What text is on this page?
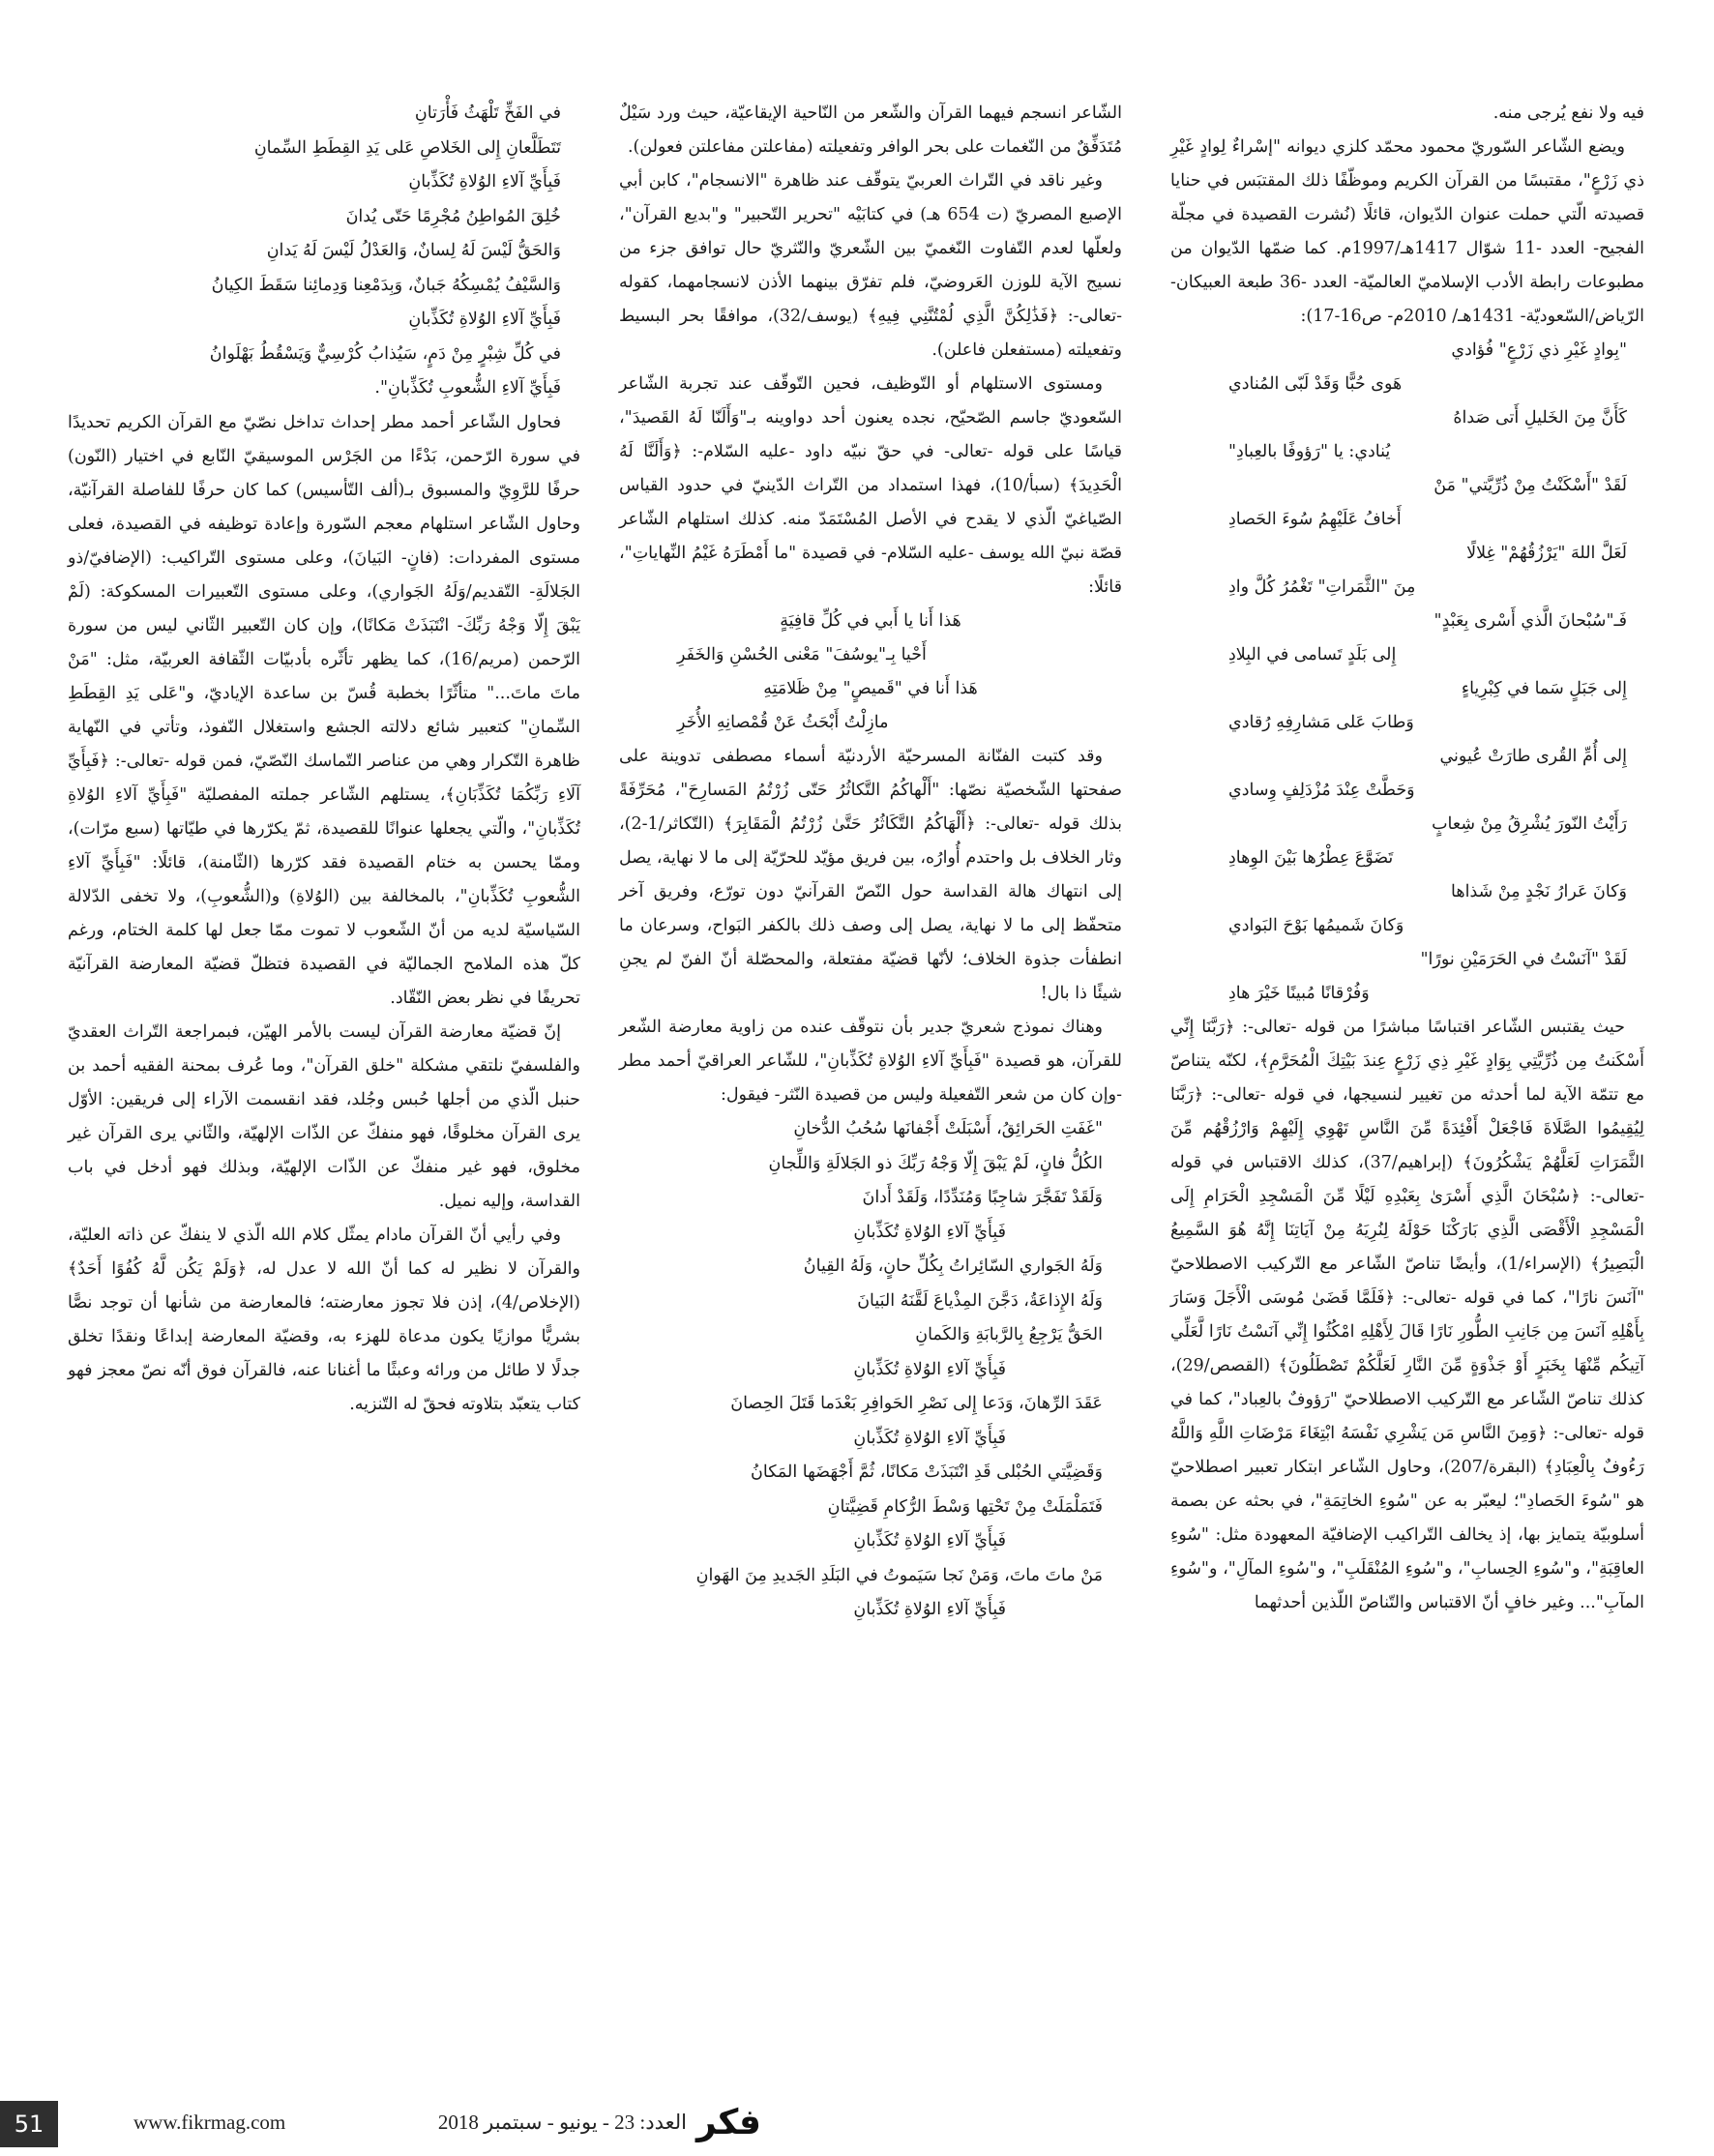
فيه ولا نفع يُرجى منه.

ويضع الشّاعر السّوريّ محمود محمّد كلزي ديوانه "إسْراءٌ لِوادٍ غَيْرِ ذي زَرْعٍ"، مقتبسًا من القرآن الكريم وموظّفًا ذلك المقتبَس في حنايا قصيدته الّتي حملت عنوان الدّيوان، قائلًا (نُشرت القصيدة في مجلّة الفجيح- العدد -11 شوّال 1417هـ/1997م. كما ضمّها الدّيوان من مطبوعات رابطة الأدب الإسلاميّ العالميّة- العدد -36 طبعة العبيكان- الرّياض/السّعوديّة- 1431هـ/ 2010م- ص16-17):

"بِوادٍ غَيْرِ ذي زَرْعٍ" فُؤادي

هَوى حُبًّا وَقَدْ لَبّى المُنادي

كَأَنَّ مِنَ الخَليلِ أَتى صَداهُ

يُنادي: يا "رَؤوفًا بالعِبادِ"

لَقَدْ "أَسْكَنْتُ مِنْ ذُرِّيَّتي" مَنْ

أَخافُ عَلَيْهِمُ سُوءَ الحَصادِ

لَعَلَّ اللهَ "يَرْزُقُهُمْ" غِلالًا

مِنَ "الثَّمَراتِ" تَغْمُرُ كُلَّ وادِ

فَـ"سُبْحانَ الَّذي أَسْرى بِعَبْدٍ"

إِلى بَلَدٍ تَسامى في البِلادِ

إِلى جَبَلٍ سَما في كِبْرِياءٍ

وَطابَ عَلى مَشارِفِهِ رُقادي

إِلى أُمِّ القُرى طارَتْ عُيوني

وَحَطَّتْ عِنْدَ مُزْدَلِفٍ وِسادي

رَأَيْتُ النّورَ يُشْرِقُ مِنْ شِعابٍ

تَضَوَّعَ عِطْرُها بَيْنَ الوِهادِ

وَكانَ عَرارُ نَجْدٍ مِنْ شَذاها

وَكانَ شَميمُها بَوْحَ البَوادي

لَقَدْ "آنَسْتُ في الحَرَمَيْنِ نورًا"

وَفُرْقانًا مُبينًا خَيْرَ هادِ

حيث يقتبس الشّاعر اقتباسًا مباشرًا من قوله -تعالى-: ﴿رَبَّنَا إِنِّي أَسْكَنتُ مِن ذُرِّيَّتِي بِوَادٍ غَيْرِ ذِي زَرْعٍ عِندَ بَيْتِكَ الْمُحَرَّمِ﴾، لكنّه يتناصّ مع تتمّة الآية لما أحدثه من تغيير لنسيجها، في قوله -تعالى-: ﴿رَبَّنَا لِيُقِيمُوا الصَّلَاةَ فَاجْعَلْ أَفْئِدَةً مِّنَ النَّاسِ تَهْوِي إِلَيْهِمْ وَارْزُقْهُم مِّنَ الثَّمَرَاتِ لَعَلَّهُمْ يَشْكُرُونَ﴾ (إبراهيم/37)، كذلك الاقتباس في قوله -تعالى-: ﴿سُبْحَانَ الَّذِي أَسْرَىٰ بِعَبْدِهِ لَيْلًا مِّنَ الْمَسْجِدِ الْحَرَامِ إِلَى الْمَسْجِدِ الْأَقْصَى الَّذِي بَارَكْنَا حَوْلَهُ لِنُرِيَهُ مِنْ آيَاتِنَا إِنَّهُ هُوَ السَّمِيعُ الْبَصِيرُ﴾ (الإسراء/1)، وأيضًا تناصّ الشّاعر مع التّركيب الاصطلاحيّ "آنَسَ نارًا"، كما في قوله -تعالى-: ﴿فَلَمَّا قَضَىٰ مُوسَى الْأَجَلَ وَسَارَ بِأَهْلِهِ آنَسَ مِن جَانِبِ الطُّورِ نَارًا قَالَ لِأَهْلِهِ امْكُثُوا إِنِّي آنَسْتُ نَارًا لَّعَلِّي آتِيكُم مِّنْهَا بِخَبَرٍ أَوْ جَذْوَةٍ مِّنَ النَّارِ لَعَلَّكُمْ تَصْطَلُونَ﴾ (القصص/29)، كذلك تناصّ الشّاعر مع التّركيب الاصطلاحيّ "رَؤوفٌ بالعِباد"، كما في قوله -تعالى-: ﴿وَمِنَ النَّاسِ مَن يَشْرِي نَفْسَهُ ابْتِغَاءَ مَرْضَاتِ اللَّهِ وَاللَّهُ رَءُوفٌ بِالْعِبَادِ﴾ (البقرة/207)، وحاول الشّاعر ابتكار تعبير اصطلاحيّ هو "سُوءَ الحَصادِ"؛ ليعبّر به عن "سُوءِ الخاتِمَةِ"، في بحثه عن بصمة أسلوبيّة يتمايز بها، إذ يخالف التّراكيب الإضافيّة المعهودة مثل: "سُوءِ العاقِبَةِ"، و"سُوءِ الحِسابِ"، و"سُوءِ المُنْقَلَبِ"، و"سُوءِ المآلِ"، و"سُوءِ المآبِ"... وغير خافٍ أنّ الاقتباس والتّناصّ اللّذين أحدثهما

الشّاعر انسجم فيهما القرآن والشّعر من النّاحية الإيقاعيّة، حيث ورد سَيْلٌ مُتَدَفِّقٌ من النّغمات على بحر الوافر وتفعيلته (مفاعلتن مفاعلتن فعولن).

وغير ناقد في التّراث العربيّ يتوقّف عند ظاهرة "الانسجام"، كابن أبي الإصبع المصريّ (ت 654 هـ) في كتابَيْه "تحرير التّحبير" و"بديع القرآن"، ولعلّها لعدم التّفاوت النّغميّ بين الشّعريّ والنّثريّ حال توافق جزء من نسيج الآية للوزن العَروضيّ، فلم تفرّق بينهما الأذن لانسجامهما، كقوله -تعالى-: ﴿فَذَٰلِكُنَّ الَّذِي لُمْتُنَّنِي فِيهِ﴾ (يوسف/32)، موافقًا بحر البسيط وتفعيلته (مستفعلن فاعلن).

ومستوى الاستلهام أو التّوظيف، فحين التّوقّف عند تجربة الشّاعر السّعوديّ جاسم الصّحيّح، نجده يعنون أحد دواوينه بـ"وَأَلَنّا لَهُ القَصيدَ"، قياسًا على قوله -تعالى- في حقّ نبيّه داود -عليه السّلام-: ﴿وَأَلَنَّا لَهُ الْحَدِيدَ﴾ (سبأ/10)، فهذا استمداد من التّراث الدّينيّ في حدود القياس الصّياغيّ الّذي لا يقدح في الأصل المُسْتَمَدّ منه. كذلك استلهام الشّاعر قصّة نبيّ الله يوسف -عليه السّلام- في قصيدة "ما أَمْطَرَهُ غَيْمُ النِّهاياتِ"، قائلًا:

هَذا أَنا يا أَبي في كُلِّ قافِيَةٍ

أَحْيا بِـ"يوسُفَ" مَعْنى الحُسْنِ وَالخَفَرِ

هَذا أَنا في "قَميصٍ" مِنْ ظَلامَتِهِ

مازِلْتُ أَبْحَثُ عَنْ قُمْصانِهِ الأُخَرِ

وقد كتبت الفنّانة المسرحيّة الأردنيّة أسماء مصطفى تدوينة على صفحتها الشّخصيّة نصّها: "أَلْهاكُمُ التَّكاثُرُ حَتّى زُرْتُمُ المَسارِحَ"، مُحَرِّفَةً بذلك قوله -تعالى-: ﴿أَلْهَاكُمُ التَّكَاثُرُ حَتَّىٰ زُرْتُمُ الْمَقَابِرَ﴾ (التّكاثر/1-2)، وثار الخلاف بل واحتدم أُوارُه، بين فريق مؤيّد للحرّيّة إلى ما لا نهاية، يصل إلى انتهاك هالة القداسة حول النّصّ القرآنيّ دون تورّع، وفريق آخر متحفّظ إلى ما لا نهاية، يصل إلى وصف ذلك بالكفر البَواح، وسرعان ما انطفأت جذوة الخلاف؛ لأنّها قضيّة مفتعلة، والمحصّلة أنّ الفنّ لم يجنِ شيئًا ذا بال!

وهناك نموذج شعريّ جدير بأن نتوقّف عنده من زاوية معارضة الشّعر للقرآن، هو قصيدة "فَبِأَيِّ آلاءِ الوُلاةِ تُكَذِّبانِ"، للشّاعر العراقيّ أحمد مطر -وإن كان من شعر التّفعيلة وليس من قصيدة النّثر- فيقول:

"غَفَتِ الحَرائِقُ، أَسْبَلَتْ أَجْفانَها سُحُبُ الدُّخانِ

الكُلُّ فانٍ، لَمْ يَبْقَ إِلّا وَجْهُ رَبِّكَ ذو الجَلالَةِ وَاللِّجانِ

وَلَقَدْ تَفَجَّرَ شاجِبًا وَمُنَدِّدًا، وَلَقَدْ أَدانَ

فَبِأَيِّ آلاءِ الوُلاةِ تُكَذِّبانِ

وَلَهُ الجَواري السّائِراتُ بِكُلِّ حانٍ، وَلَهُ القِيانُ

وَلَهُ الإِذاعَةُ، دَجَّنَ المِذْياعَ لَقَّنَهُ البَيانَ

الحَقُّ يَرْجِعُ بِالرَّبابَةِ وَالكَمانِ

فَبِأَيِّ آلاءِ الوُلاةِ تُكَذِّبانِ

عَقَدَ الرِّهانَ، وَدَعا إِلى نَصْرِ الحَوافِرِ بَعْدَما قَتَلَ الحِصانَ

فَبِأَيِّ آلاءِ الوُلاةِ تُكَذِّبانِ

وَقَضِيَّتي الحُبْلى قَدِ انْتَبَذَتْ مَكانًا، ثُمَّ أَجْهَضَها المَكانُ

فَتَمَلْمَلَتْ مِنْ تَحْتِها وَسْطَ الرُّكامِ قَضِيَّتانِ

فَبِأَيِّ آلاءِ الوُلاةِ تُكَذِّبانِ

مَنْ ماتَ ماتَ، وَمَنْ نَجا سَيَموتُ في البَلَدِ الجَديدِ مِنَ الهَوانِ

فَبِأَيِّ آلاءِ الوُلاةِ تُكَذِّبانِ

في الفَخِّ تَلْهَثُ فَأْرَتانِ

تَتَطَلَّعانِ إِلى الخَلاصِ عَلى يَدِ القِطَطِ السِّمانِ

فَبِأَيِّ آلاءِ الوُلاةِ تُكَذِّبانِ

خُلِقَ المُواطِنُ مُجْرِمًا حَتّى يُدانَ

وَالحَقُّ لَيْسَ لَهُ لِسانٌ، وَالعَدْلُ لَيْسَ لَهُ يَدانِ

وَالسَّيْفُ يُمْسِكُهُ جَبانٌ، وَبِدَمْعِنا وَدِمائِنا سَقَطَ الكِيانُ

فَبِأَيِّ آلاءِ الوُلاةِ تُكَذِّبانِ

في كُلِّ شِبْرٍ مِنْ دَمٍ، سَيُذابُ كُرْسِيٌّ وَيَسْقُطُ بَهْلَوانُ

فَبِأَيِّ آلاءِ الشُّعوبِ تُكَذِّبانِ".

فحاول الشّاعر أحمد مطر إحداث تداخل نصّيّ مع القرآن الكريم تحديدًا في سورة الرّحمن، بَدْءًا من الجَرْس الموسيقيّ النّابع في اختيار (النّون) حرفًا للرَّوِيّ والمسبوق بـ(ألف التّأسيس) كما كان حرفًا للفاصلة القرآنيّة، وحاول الشّاعر استلهام معجم السّورة وإعادة توظيفه في القصيدة، فعلى مستوى المفردات: (فانٍ- البَيانَ)، وعلى مستوى التّراكيب: (الإضافيّ/ذو الجَلالَةِ- التّقديم/وَلَهُ الجَواري)، وعلى مستوى التّعبيرات المسكوكة: (لَمْ يَبْقَ إِلّا وَجْهُ رَبِّكَ- انْتَبَذَتْ مَكانًا)، وإن كان التّعبير الثّاني ليس من سورة الرّحمن (مريم/16)، كما يظهر تأثّره بأدبيّات الثّقافة العربيّة، مثل: "مَنْ ماتَ ماتَ..." متأثّرًا بخطبة قُسّ بن ساعدة الإياديّ، و"عَلى يَدِ القِطَطِ السِّمانِ" كتعبير شائع دلالته الجشع واستغلال النّفوذ، وتأتي في النّهاية ظاهرة التّكرار وهي من عناصر التّماسك النّصّيّ، فمن قوله -تعالى-: ﴿فَبِأَيِّ آلَاءِ رَبِّكُمَا تُكَذِّبَانِ﴾، يستلهم الشّاعر جملته المفصليّة "فَبِأَيِّ آلاءِ الوُلاةِ تُكَذِّبانِ"، والّتي يجعلها عنوانًا للقصيدة، ثمّ يكرّرها في طيّاتها (سبع مرّات)، وممّا يحسن به ختام القصيدة فقد كرّرها (الثّامنة)، قائلًا: "فَبِأَيِّ آلاءِ الشُّعوبِ تُكَذِّبانِ"، بالمخالفة بين (الوُلاةِ) و(الشُّعوبِ)، ولا تخفى الدّلالة السّياسيّة لديه من أنّ الشّعوب لا تموت ممّا جعل لها كلمة الختام، ورغم كلّ هذه الملامح الجماليّة في القصيدة فتظلّ قضيّة المعارضة القرآنيّة تحريفًا في نظر بعض النّقّاد.

إنّ قضيّة معارضة القرآن ليست بالأمر الهيّن، فبمراجعة التّراث العقديّ والفلسفيّ نلتقي مشكلة "خلق القرآن"، وما عُرف بمحنة الفقيه أحمد بن حنبل الّذي من أجلها حُبس وجُلد، فقد انقسمت الآراء إلى فريقين: الأوّل يرى القرآن مخلوقًا، فهو منفكّ عن الذّات الإلهيّة، والثّاني يرى القرآن غير مخلوق، فهو غير منفكّ عن الذّات الإلهيّة، وبذلك فهو أدخل في باب القداسة، وإليه نميل.

وفي رأيي أنّ القرآن مادام يمثّل كلام الله الّذي لا ينفكّ عن ذاته العليّة، والقرآن لا نظير له كما أنّ الله لا عدل له، ﴿وَلَمْ يَكُن لَّهُ كُفُوًا أَحَدٌ﴾ (الإخلاص/4)، إذن فلا تجوز معارضته؛ فالمعارضة من شأنها أن توجد نصًّا بشريًّا موازيًا يكون مدعاة للهزء به، وقضيّة المعارضة إبداعًا ونقدًا تخلق جدلًا لا طائل من ورائه وعبثًا ما أغنانا عنه، فالقرآن فوق أنّه نصّ معجز فهو كتاب يتعبّد بتلاوته فحقّ له التّنزيه.

51	www.fikrmag.com	العدد: 23 - يونيو - سبتمبر 2018 فكر
